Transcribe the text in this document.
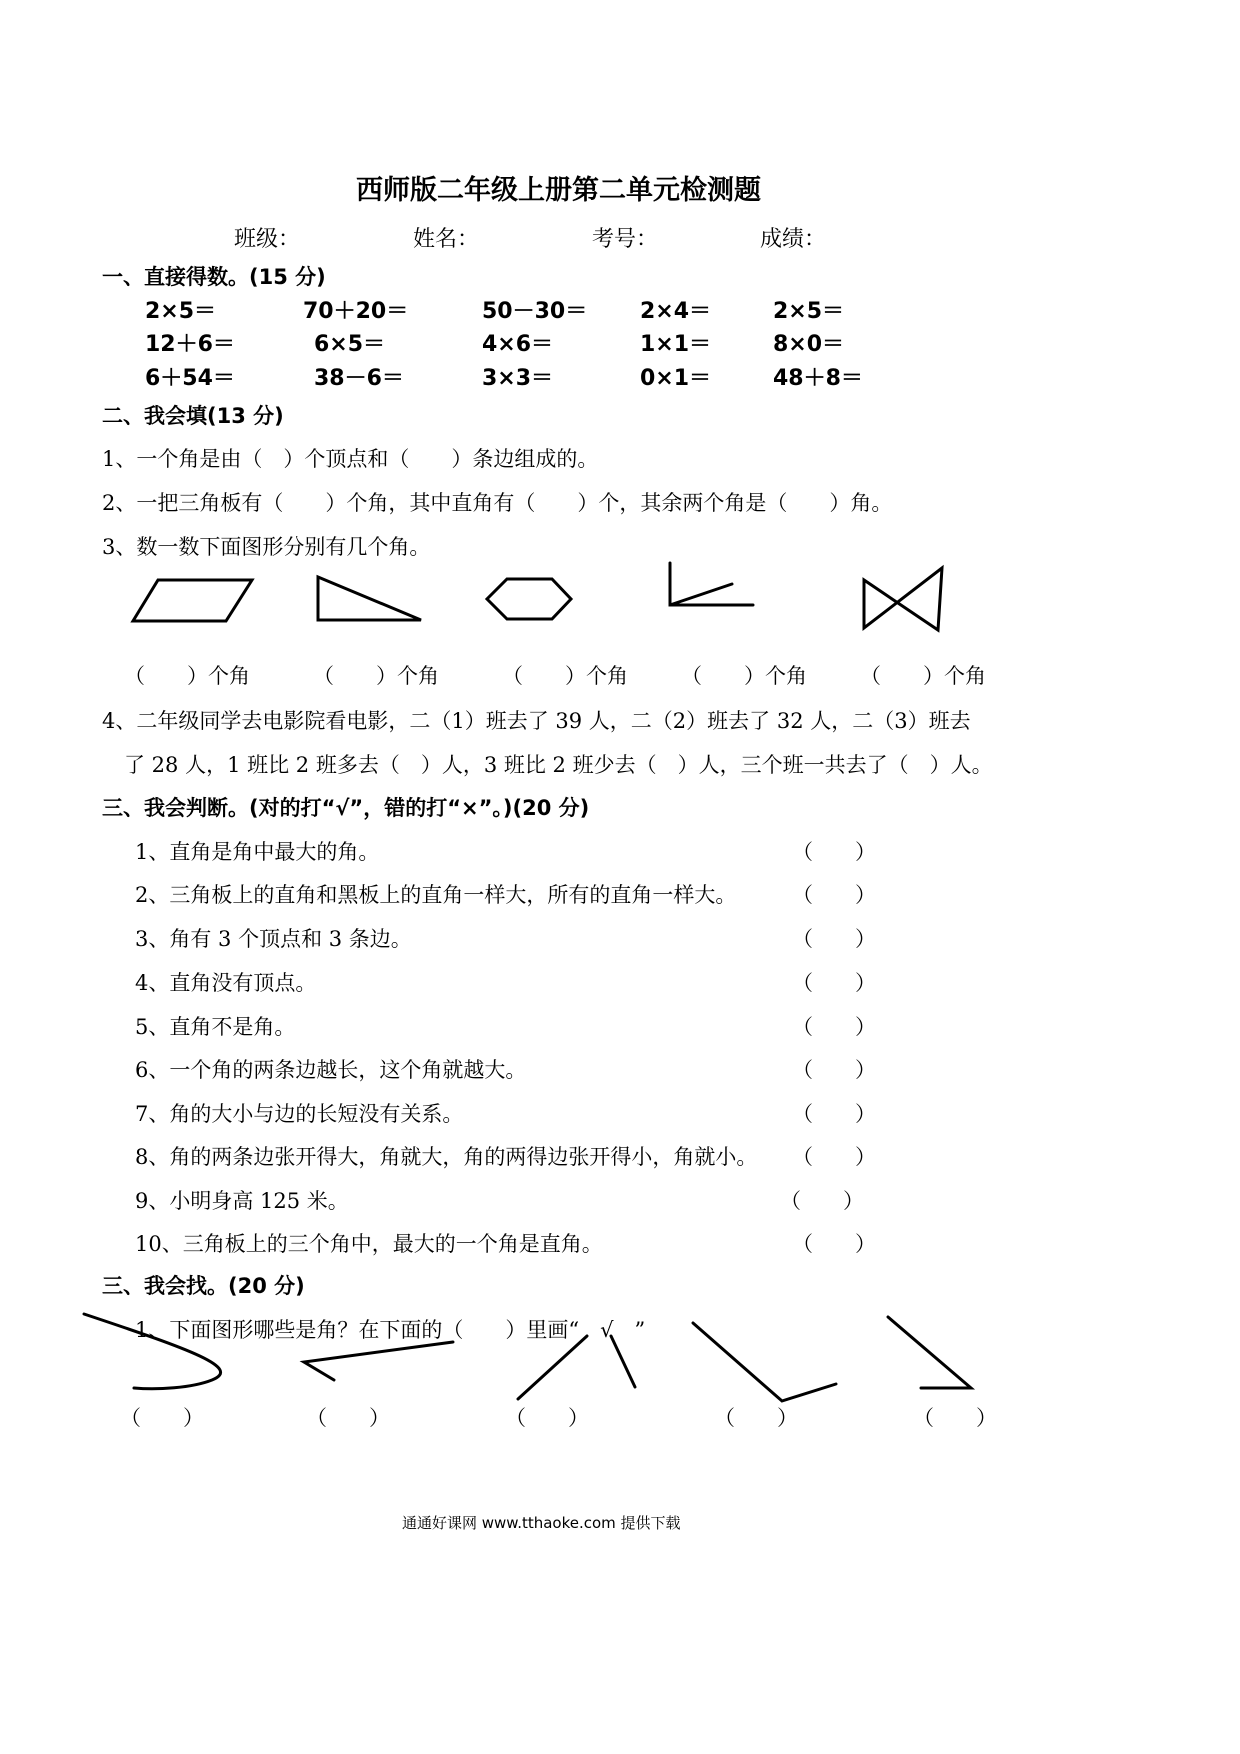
西师版二年级上册第二单元检测题
班级：	姓名：	考号：	成绩：
一、直接得数。(15 分)
2×5＝	70＋20＝	50－30＝ 2×4＝	2×5＝
12＋6＝	6×5＝	4×6＝	1×1＝	8×0＝
6＋54＝	38－6＝	3×3＝	0×1＝	48＋8＝
二、我会填(13 分)
1、一个角是由（　）个顶点和（　　）条边组成的。
2、一把三角板有（　　）个角，其中直角有（　　）个，其余两个角是（　　）角。
3、数一数下面图形分别有几个角。
（　　）个角	（　　）个角	（　　）个角	（　　）个角	（　　）个角
4、二年级同学去电影院看电影，二（1）班去了 39 人，二（2）班去了 32 人，二（3）班去
了 28 人，1 班比 2 班多去（　）人，3 班比 2 班少去（　）人，三个班一共去了（　）人。
三、我会判断。(对的打“√”，错的打“×”。)(20 分)
1、直角是角中最大的角。	（　　）
2、三角板上的直角和黑板上的直角一样大，所有的直角一样大。	（　　）
3、角有 3 个顶点和 3 条边。	（　　）
4、直角没有顶点。	（　　）
5、直角不是角。	（　　）
6、一个角的两条边越长，这个角就越大。	（　　）
7、角的大小与边的长短没有关系。	（　　）
8、角的两条边张开得大，角就大，角的两得边张开得小，角就小。 （　　）
9、小明身高 125 米。	（　　）
10、三角板上的三个角中，最大的一个角是直角。	（　　）
三、我会找。(20 分)
1、下面图形哪些是角？在下面的（　　）里画“　√　”
（　　）	（　　）	（　　）	（　　）	（　　）
通通好课网 www.tthaoke.com 提供下载
